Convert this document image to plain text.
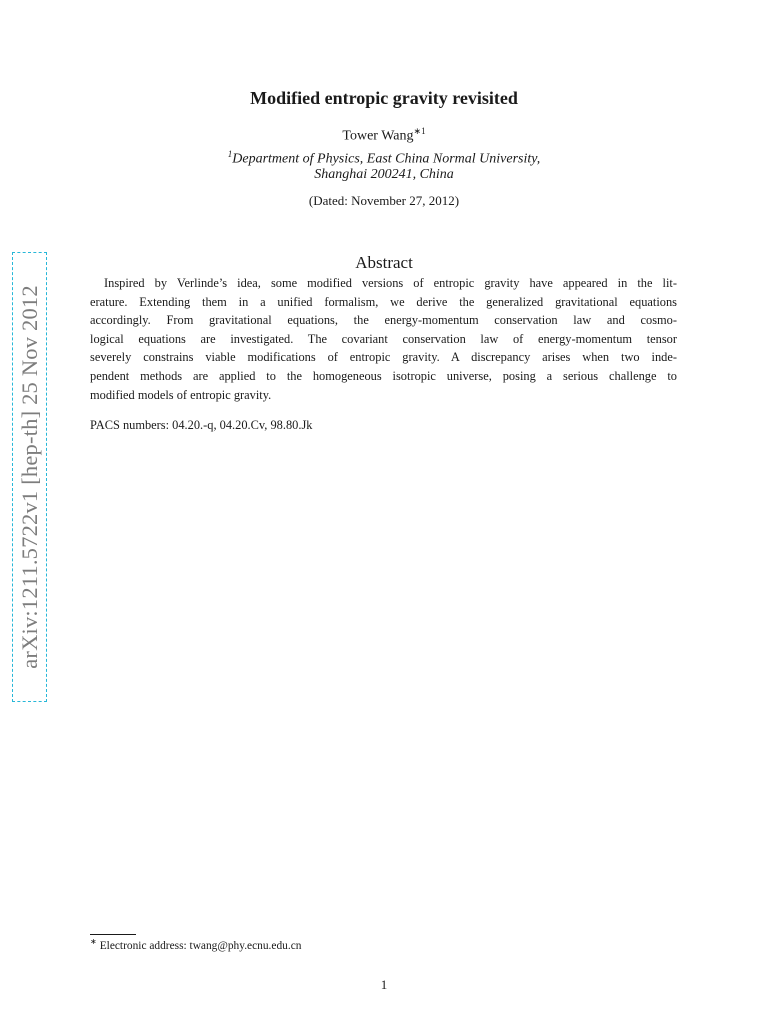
arXiv:1211.5722v1 [hep-th] 25 Nov 2012
Modified entropic gravity revisited
Tower Wang$^{∗1}$
$^1$Department of Physics, East China Normal University,
Shanghai 200241, China
(Dated: November 27, 2012)
Abstract
Inspired by Verlinde’s idea, some modified versions of entropic gravity have appeared in the lit-
erature. Extending them in a unified formalism, we derive the generalized gravitational equations
accordingly. From gravitational equations, the energy-momentum conservation law and cosmo-
logical equations are investigated. The covariant conservation law of energy-momentum tensor
severely constrains viable modifications of entropic gravity. A discrepancy arises when two inde-
pendent methods are applied to the homogeneous isotropic universe, posing a serious challenge to
modified models of entropic gravity.
PACS numbers: 04.20.-q, 04.20.Cv, 98.80.Jk
∗ Electronic address: twang@phy.ecnu.edu.cn
1
